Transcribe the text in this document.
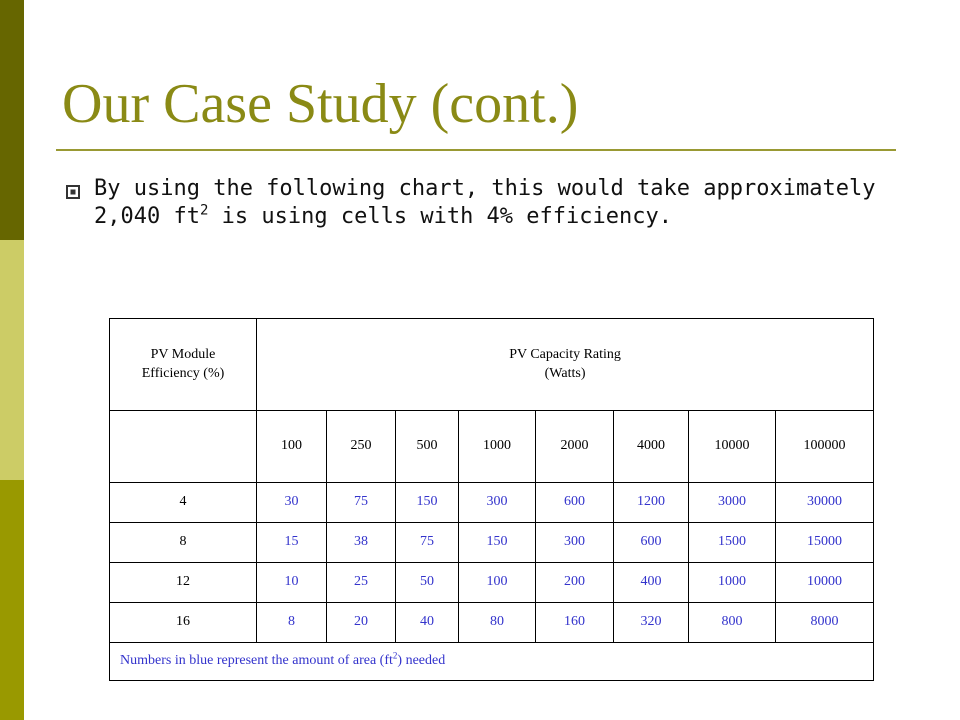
Our Case Study (cont.)
By using the following chart, this would take approximately 2,040 $ft^2$ is using cells with 4% efficiency.
PV Module
Efficiency (%)	PV Capacity Rating
(Watts)							
	100	250	500	1000	2000	4000	10000	100000
4	30	75	150	300	600	1200	3000	30000
8	15	38	75	150	300	600	1500	15000
12	10	25	50	100	200	400	1000	10000
16	8	20	40	80	160	320	800	8000
Numbers in blue represent the amount of area $(ft^2)$ needed								
